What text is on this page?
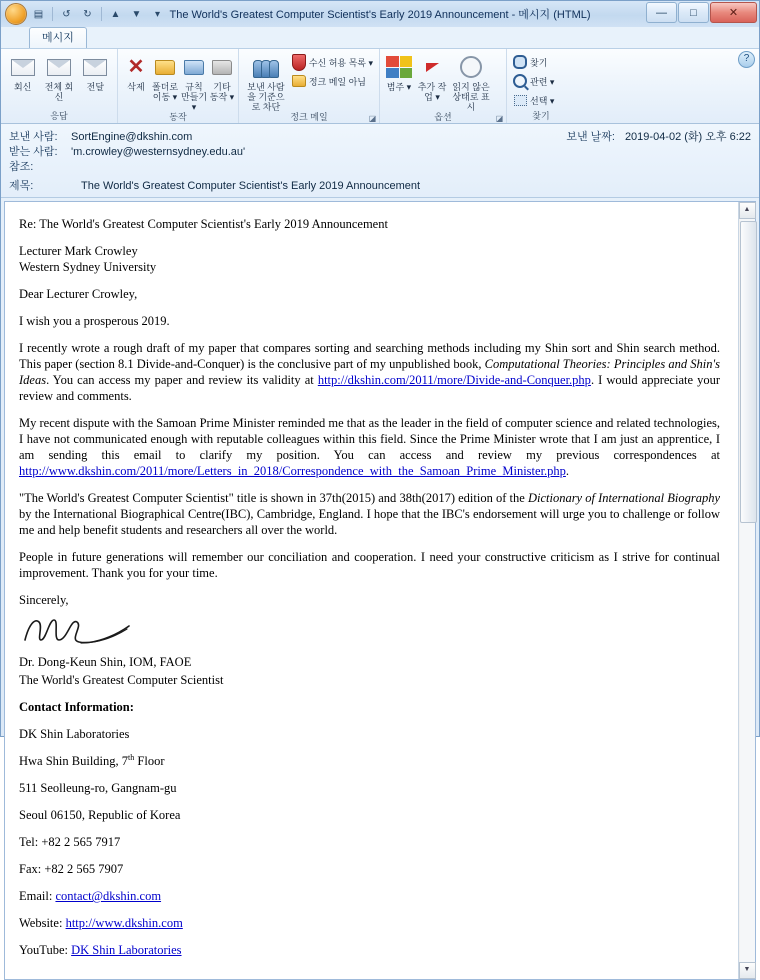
▤	↺	↻	▲	▼	▾ The World's Greatest Computer Scientist's Early 2019 Announcement - 메시지 (HTML)	—	□	✕
메시지
회신	전체 회신
전달
응답
✕
삭제 폴더로 이동 ▾
규칙 만들기 ▾
기타 동작 ▾
동작
보낸 사람을 기준으로 차단
수신 허용 목록 ▾
정크 메일 아님
정크 메일	◪
범주 ▾ 추가 작업 ▾
읽지 않은 상태로 표시
옵션	◪
찾기
관련 ▾
선택 ▾
찾기
?
보낸 사람:	SortEngine@dkshin.com
받는 사람:	'm.crowley@westernsydney.edu.au'
참조:
제목:	The World's Greatest Computer Scientist's Early 2019 Announcement
보낸 날짜: 2019-04-02 (화) 오후 6:22

Re: The World's Greatest Computer Scientist's Early 2019 Announcement

Lecturer Mark Crowley
Western Sydney University

Dear Lecturer Crowley,

I wish you a prosperous 2019.

I recently wrote a rough draft of my paper that compares sorting and searching methods including my Shin sort and Shin search method. This paper (section 8.1 Divide-and-Conquer) is the conclusive part of my unpublished book, Computational Theories: Principles and Shin's Ideas. You can access my paper and review its validity at http://dkshin.com/2011/more/Divide-and-Conquer.php. I would appreciate your review and comments.

My recent dispute with the Samoan Prime Minister reminded me that as the leader in the field of computer science and related technologies, I have not communicated enough with reputable colleagues within this field. Since the Prime Minister wrote that I am just an apprentice, I am sending this email to clarify my position. You can access and review my previous correspondences at http://www.dkshin.com/2011/more/Letters_in_2018/Correspondence_with_the_Samoan_Prime_Minister.php.

"The World's Greatest Computer Scientist" title is shown in 37th(2015) and 38th(2017) edition of the Dictionary of International Biography by the International Biographical Centre(IBC), Cambridge, England. I hope that the IBC's endorsement will urge you to challenge or follow me and help benefit students and researchers all over the world.

People in future generations will remember our conciliation and cooperation. I need your constructive criticism as I strive for continual improvement. Thank you for your time.

Sincerely,

Dr. Dong-Keun Shin, IOM, FAOE

The World's Greatest Computer Scientist

Contact Information:

DK Shin Laboratories

Hwa Shin Building, 7th Floor

511 Seolleung-ro, Gangnam-gu

Seoul 06150, Republic of Korea

Tel: +82 2 565 7917

Fax: +82 2 565 7907

Email: contact@dkshin.com

Website: http://www.dkshin.com

YouTube: DK Shin Laboratories

▲
▼
